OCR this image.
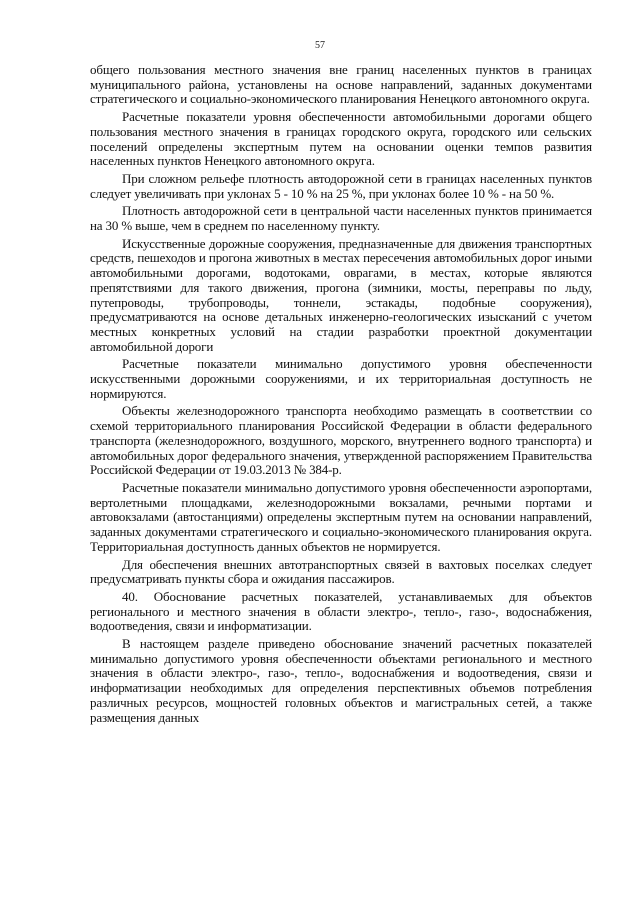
57

общего пользования местного значения вне границ населенных пунктов в границах муниципального района, установлены на основе направлений, заданных документами стратегического и социально-экономического планирования Ненецкого автономного округа.

Расчетные показатели уровня обеспеченности автомобильными дорогами общего пользования местного значения в границах городского округа, городского или сельских поселений определены экспертным путем на основании оценки темпов развития населенных пунктов Ненецкого автономного округа.

При сложном рельефе плотность автодорожной сети в границах населенных пунктов следует увеличивать при уклонах 5 - 10 % на 25 %, при уклонах более 10 % - на 50 %.

Плотность автодорожной сети в центральной части населенных пунктов принимается на 30 % выше, чем в среднем по населенному пункту.

Искусственные дорожные сооружения, предназначенные для движения транспортных средств, пешеходов и прогона животных в местах пересечения автомобильных дорог иными автомобильными дорогами, водотоками, оврагами, в местах, которые являются препятствиями для такого движения, прогона (зимники, мосты, переправы по льду, путепроводы, трубопроводы, тоннели, эстакады, подобные сооружения), предусматриваются на основе детальных инженерно-геологических изысканий с учетом местных конкретных условий на стадии разработки проектной документации автомобильной дороги

Расчетные показатели минимально допустимого уровня обеспеченности искусственными дорожными сооружениями, и их территориальная доступность не нормируются.

Объекты железнодорожного транспорта необходимо размещать в соответствии со схемой территориального планирования Российской Федерации в области федерального транспорта (железнодорожного, воздушного, морского, внутреннего водного транспорта) и автомобильных дорог федерального значения, утвержденной распоряжением Правительства Российской Федерации от 19.03.2013 № 384-р.

Расчетные показатели минимально допустимого уровня обеспеченности аэропортами, вертолетными площадками, железнодорожными вокзалами, речными портами и автовокзалами (автостанциями) определены экспертным путем на основании направлений, заданных документами стратегического и социально-экономического планирования округа. Территориальная доступность данных объектов не нормируется.

Для обеспечения внешних автотранспортных связей в вахтовых поселках следует предусматривать пункты сбора и ожидания пассажиров.

40. Обоснование расчетных показателей, устанавливаемых для объектов регионального и местного значения в области электро-, тепло-, газо-, водоснабжения, водоотведения, связи и информатизации.

В настоящем разделе приведено обоснование значений расчетных показателей минимально допустимого уровня обеспеченности объектами регионального и местного значения в области электро-, газо-, тепло-, водоснабжения и водоотведения, связи и информатизации необходимых для определения перспективных объемов потребления различных ресурсов, мощностей головных объектов и магистральных сетей, а также размещения данных
